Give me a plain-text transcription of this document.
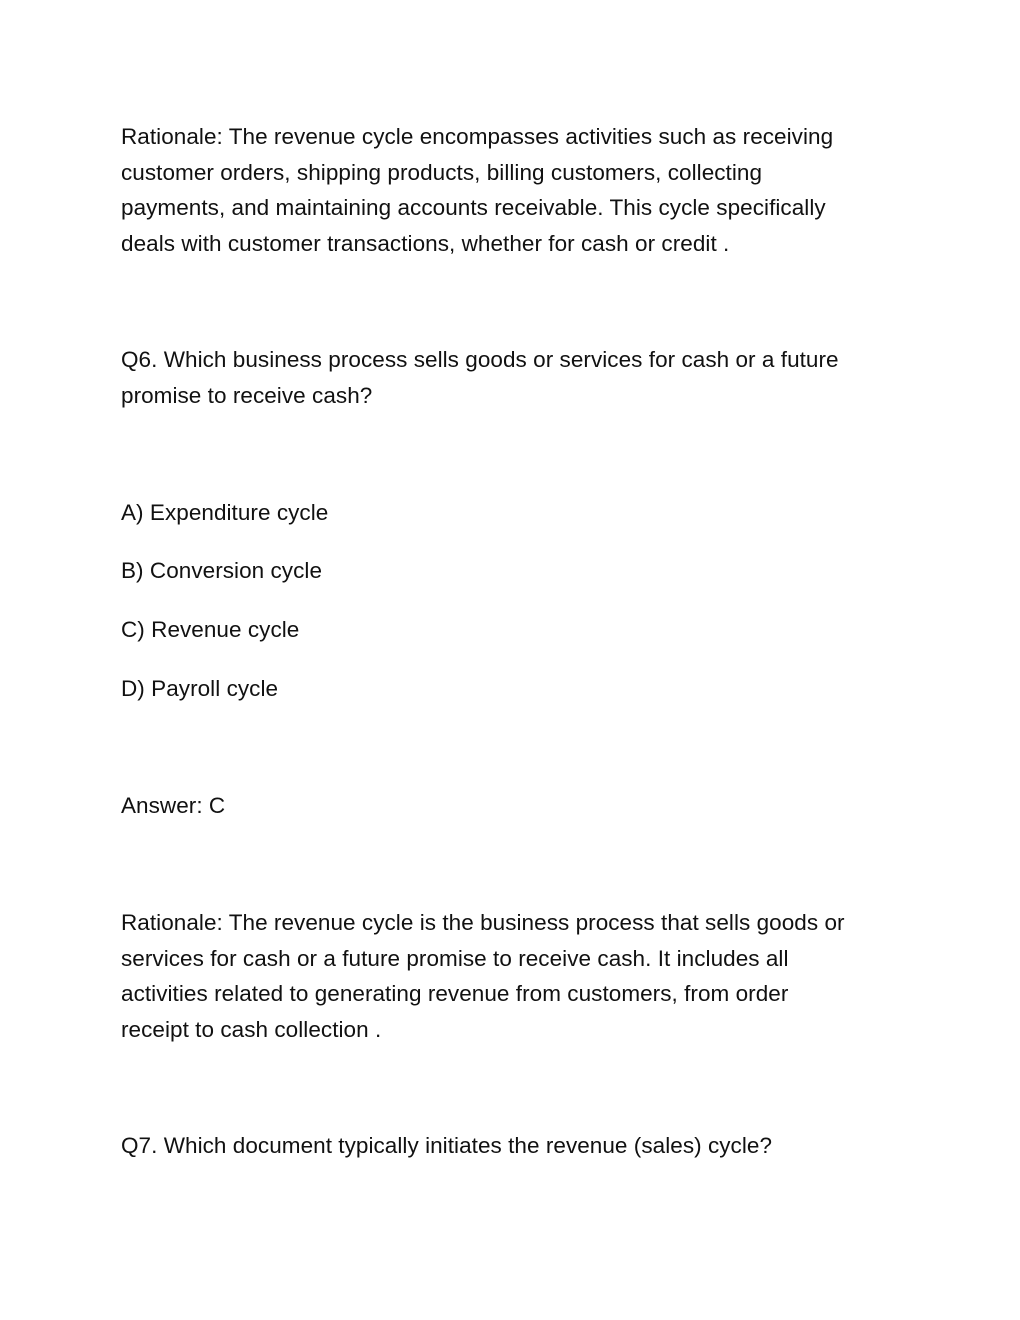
Rationale: The revenue cycle encompasses activities such as receiving
customer orders, shipping products, billing customers, collecting
payments, and maintaining accounts receivable. This cycle specifically
deals with customer transactions, whether for cash or credit .

Q6. Which business process sells goods or services for cash or a future
promise to receive cash?

A) Expenditure cycle

B) Conversion cycle

C) Revenue cycle

D) Payroll cycle

Answer: C

Rationale: The revenue cycle is the business process that sells goods or
services for cash or a future promise to receive cash. It includes all
activities related to generating revenue from customers, from order
receipt to cash collection .

Q7. Which document typically initiates the revenue (sales) cycle?
